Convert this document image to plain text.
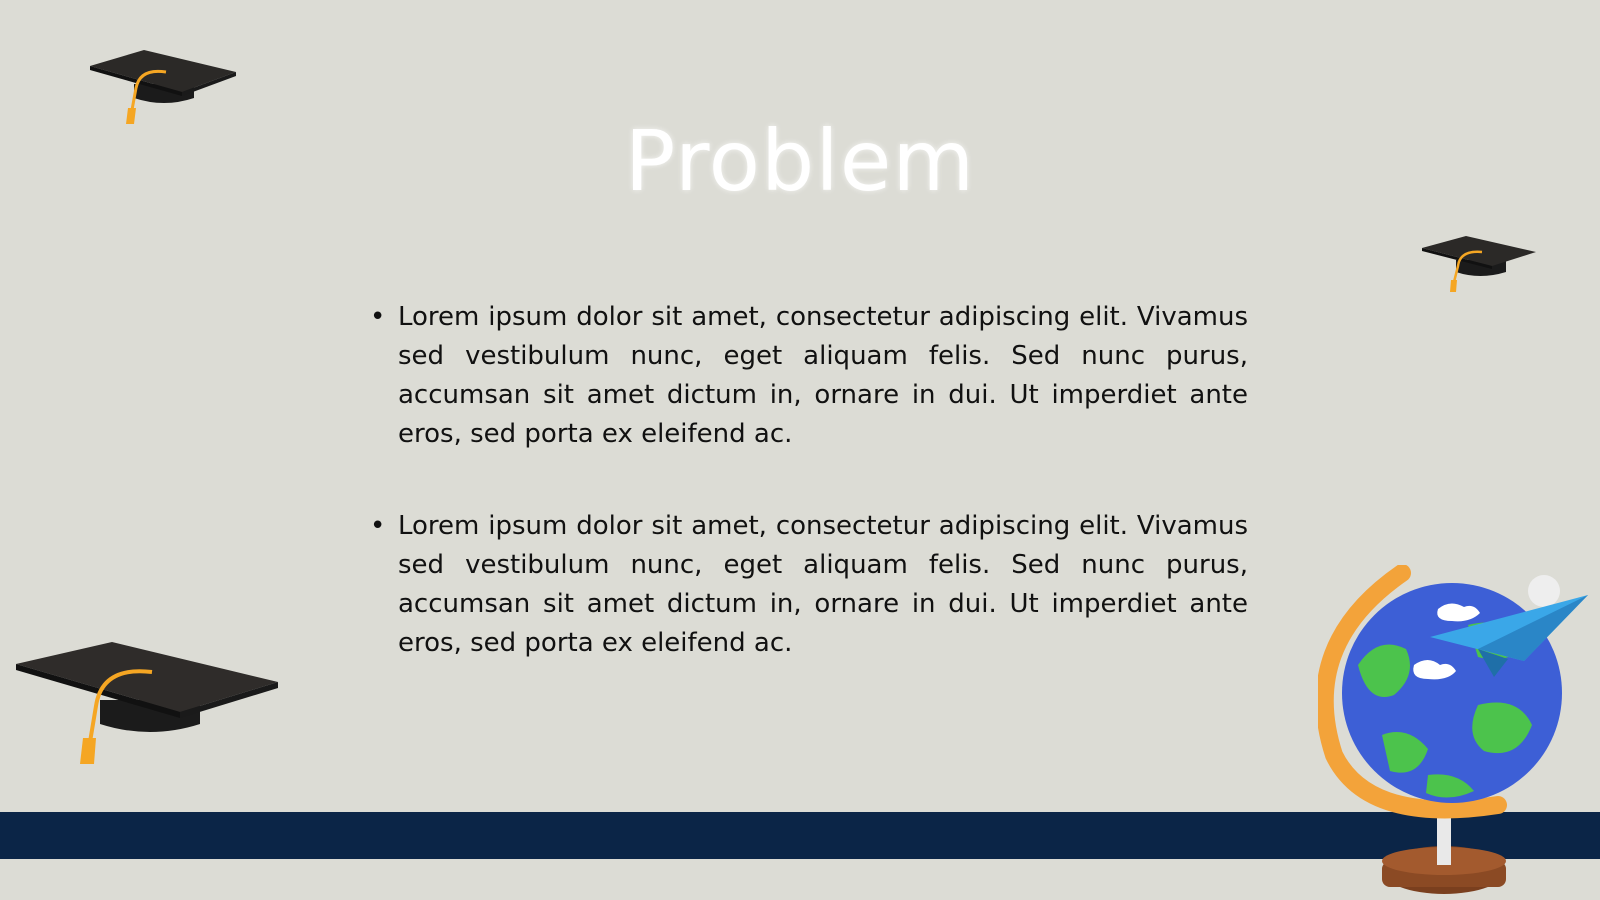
Problem
• Lorem ipsum dolor sit amet, consectetur adipiscing elit. Vivamus sed vestibulum nunc, eget aliquam felis. Sed nunc purus, accumsan sit amet dictum in, ornare in dui. Ut imperdiet ante eros, sed porta ex eleifend ac.
• Lorem ipsum dolor sit amet, consectetur adipiscing elit. Vivamus sed vestibulum nunc, eget aliquam felis. Sed nunc purus, accumsan sit amet dictum in, ornare in dui. Ut imperdiet ante eros, sed porta ex eleifend ac.
